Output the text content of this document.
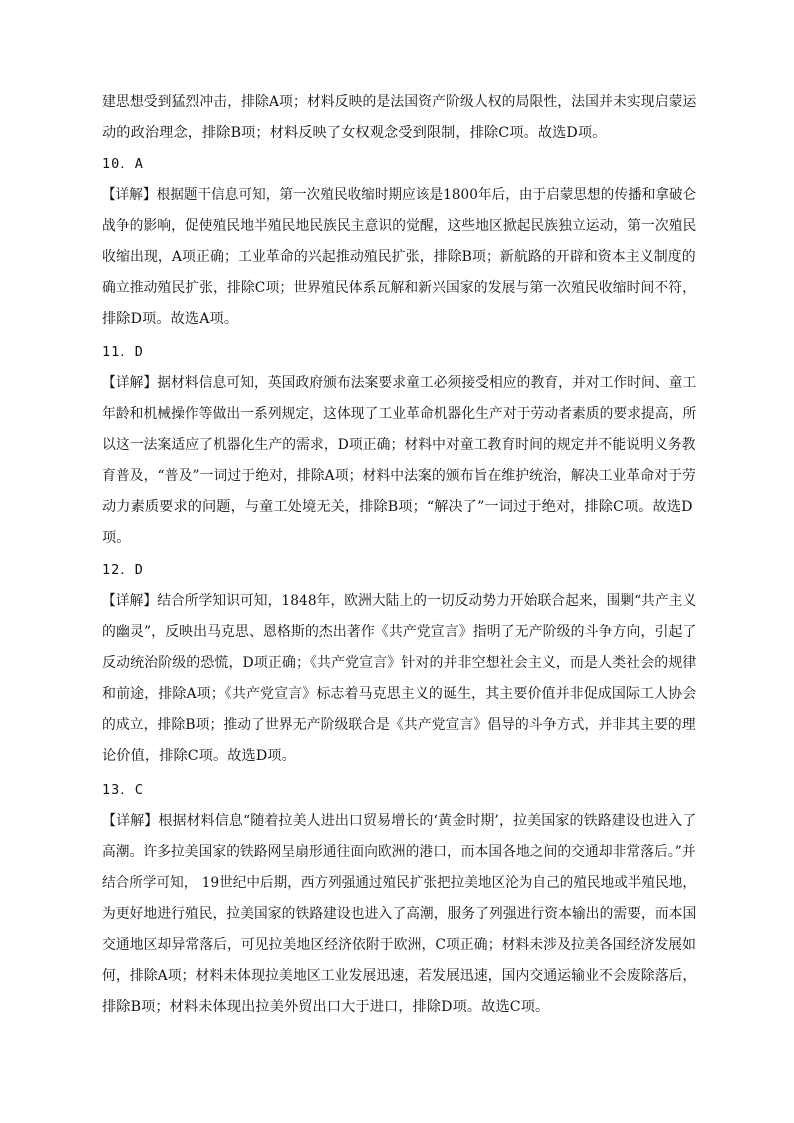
建思想受到猛烈冲击，排除A项；材料反映的是法国资产阶级人权的局限性，法国并未实现启蒙运
动的政治理念，排除B项；材料反映了女权观念受到限制，排除C项。故选D项。
10．A
【详解】根据题干信息可知，第一次殖民收缩时期应该是1800年后，由于启蒙思想的传播和拿破仑
战争的影响，促使殖民地半殖民地民族民主意识的觉醒，这些地区掀起民族独立运动，第一次殖民
收缩出现，A项正确；工业革命的兴起推动殖民扩张，排除B项；新航路的开辟和资本主义制度的
确立推动殖民扩张，排除C项；世界殖民体系瓦解和新兴国家的发展与第一次殖民收缩时间不符，
排除D项。故选A项。
11．D
【详解】据材料信息可知，英国政府颁布法案要求童工必须接受相应的教育，并对工作时间、童工
年龄和机械操作等做出一系列规定，这体现了工业革命机器化生产对于劳动者素质的要求提高，所
以这一法案适应了机器化生产的需求，D项正确；材料中对童工教育时间的规定并不能说明义务教
育普及，“普及”一词过于绝对，排除A项；材料中法案的颁布旨在维护统治，解决工业革命对于劳
动力素质要求的问题，与童工处境无关，排除B项；“解决了”一词过于绝对，排除C项。故选D
项。
12．D
【详解】结合所学知识可知，1848年，欧洲大陆上的一切反动势力开始联合起来，围剿“共产主义
的幽灵”，反映出马克思、恩格斯的杰出著作《共产党宣言》指明了无产阶级的斗争方向，引起了
反动统治阶级的恐慌，D项正确；《共产党宣言》针对的并非空想社会主义，而是人类社会的规律
和前途，排除A项；《共产党宣言》标志着马克思主义的诞生，其主要价值并非促成国际工人协会
的成立，排除B项；推动了世界无产阶级联合是《共产党宣言》倡导的斗争方式，并非其主要的理
论价值，排除C项。故选D项。
13．C
【详解】根据材料信息“随着拉美人进出口贸易增长的‘黄金时期’，拉美国家的铁路建设也进入了
高潮。许多拉美国家的铁路网呈扇形通往面向欧洲的港口，而本国各地之间的交通却非常落后。”并
结合所学可知， 19世纪中后期，西方列强通过殖民扩张把拉美地区沦为自己的殖民地或半殖民地，
为更好地进行殖民，拉美国家的铁路建设也进入了高潮，服务了列强进行资本输出的需要，而本国
交通地区却异常落后，可见拉美地区经济依附于欧洲，C项正确；材料未涉及拉美各国经济发展如
何，排除A项；材料未体现拉美地区工业发展迅速，若发展迅速，国内交通运输业不会废除落后，
排除B项；材料未体现出拉美外贸出口大于进口，排除D项。故选C项。
